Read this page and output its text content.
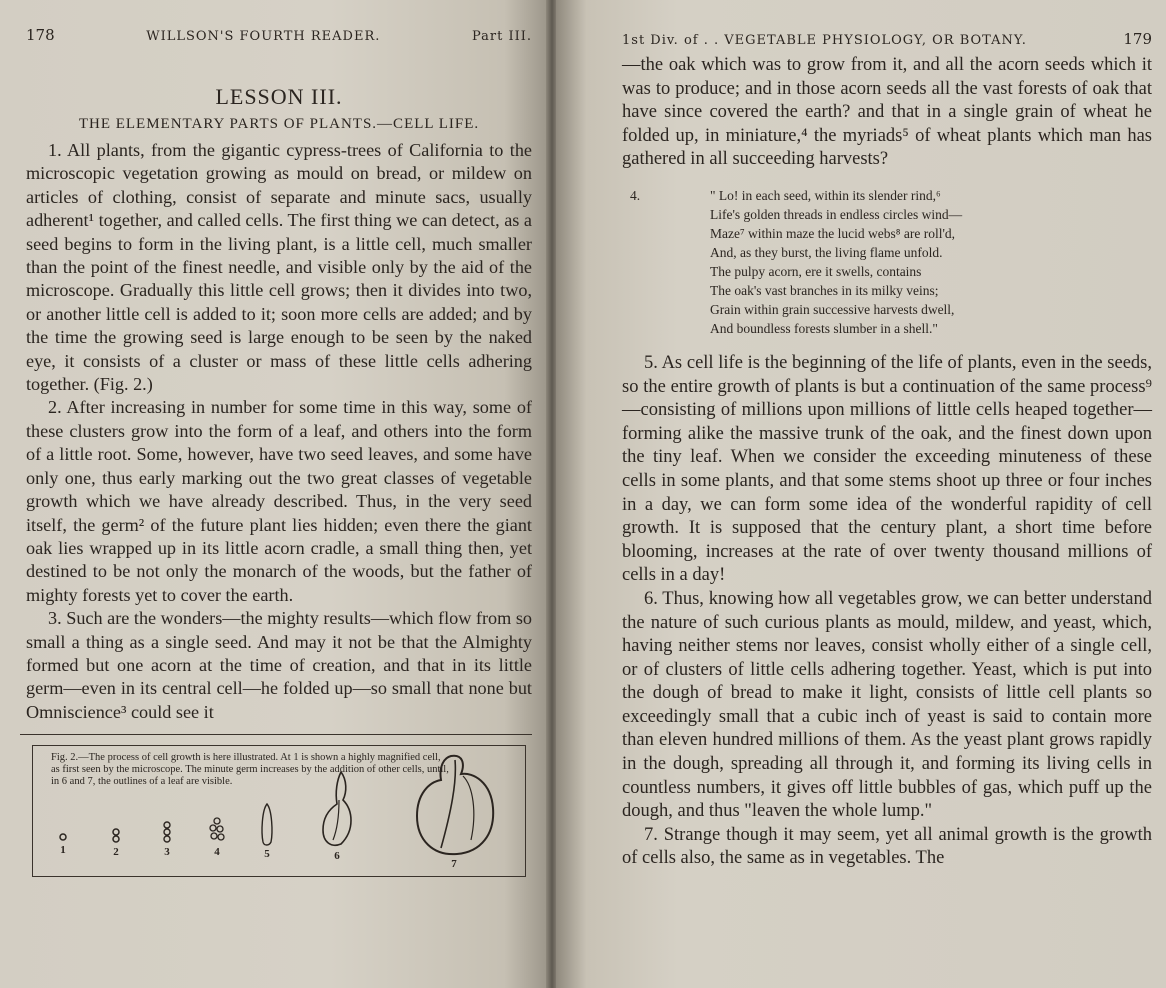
178	WILLSON'S FOURTH READER.	Part III.
LESSON III.
THE ELEMENTARY PARTS OF PLANTS.—CELL LIFE.

1. All plants, from the gigantic cypress-trees of California to the microscopic vegetation growing as mould on bread, or mildew on articles of clothing, consist of separate and minute sacs, usually adherent¹ together, and called cells. The first thing we can detect, as a seed begins to form in the living plant, is a little cell, much smaller than the point of the finest needle, and visible only by the aid of the microscope. Gradually this little cell grows; then it divides into two, or another little cell is added to it; soon more cells are added; and by the time the growing seed is large enough to be seen by the naked eye, it consists of a cluster or mass of these little cells adhering together. (Fig. 2.)

2. After increasing in number for some time in this way, some of these clusters grow into the form of a leaf, and others into the form of a little root. Some, however, have two seed leaves, and some have only one, thus early marking out the two great classes of vegetable growth which we have already described. Thus, in the very seed itself, the germ² of the future plant lies hidden; even there the giant oak lies wrapped up in its little acorn cradle, a small thing then, yet destined to be not only the monarch of the woods, but the father of mighty forests yet to cover the earth.

3. Such are the wonders—the mighty results—which flow from so small a thing as a single seed. And may it not be that the Almighty formed but one acorn at the time of creation, and that in its little germ—even in its central cell—he folded up—so small that none but Omniscience³ could see it

Fig. 2.—The process of cell growth is here illustrated. At 1 is shown a highly magnified cell, as first seen by the microscope. The minute germ increases by the addition of other cells, until, in 6 and 7, the outlines of a leaf are visible.
1	2	3	4	5	6
7
1st Div. of . . VEGETABLE PHYSIOLOGY, OR BOTANY.	179

—the oak which was to grow from it, and all the acorn seeds which it was to produce; and in those acorn seeds all the vast forests of oak that have since covered the earth? and that in a single grain of wheat he folded up, in miniature,⁴ the myriads⁵ of wheat plants which man has gathered in all succeeding harvests?

4.	" Lo! in each seed, within its slender rind,⁶
Life's golden threads in endless circles wind—
Maze⁷ within maze the lucid webs⁸ are roll'd,
And, as they burst, the living flame unfold.
The pulpy acorn, ere it swells, contains
The oak's vast branches in its milky veins;
Grain within grain successive harvests dwell,
And boundless forests slumber in a shell."

5. As cell life is the beginning of the life of plants, even in the seeds, so the entire growth of plants is but a continuation of the same process⁹—consisting of millions upon millions of little cells heaped together—forming alike the massive trunk of the oak, and the finest down upon the tiny leaf. When we consider the exceeding minuteness of these cells in some plants, and that some stems shoot up three or four inches in a day, we can form some idea of the wonderful rapidity of cell growth. It is supposed that the century plant, a short time before blooming, increases at the rate of over twenty thousand millions of cells in a day!

6. Thus, knowing how all vegetables grow, we can better understand the nature of such curious plants as mould, mildew, and yeast, which, having neither stems nor leaves, consist wholly either of a single cell, or of clusters of little cells adhering together. Yeast, which is put into the dough of bread to make it light, consists of little cell plants so exceedingly small that a cubic inch of yeast is said to contain more than eleven hundred millions of them. As the yeast plant grows rapidly in the dough, spreading all through it, and forming its living cells in countless numbers, it gives off little bubbles of gas, which puff up the dough, and thus "leaven the whole lump."

7. Strange though it may seem, yet all animal growth is the growth of cells also, the same as in vegetables. The
